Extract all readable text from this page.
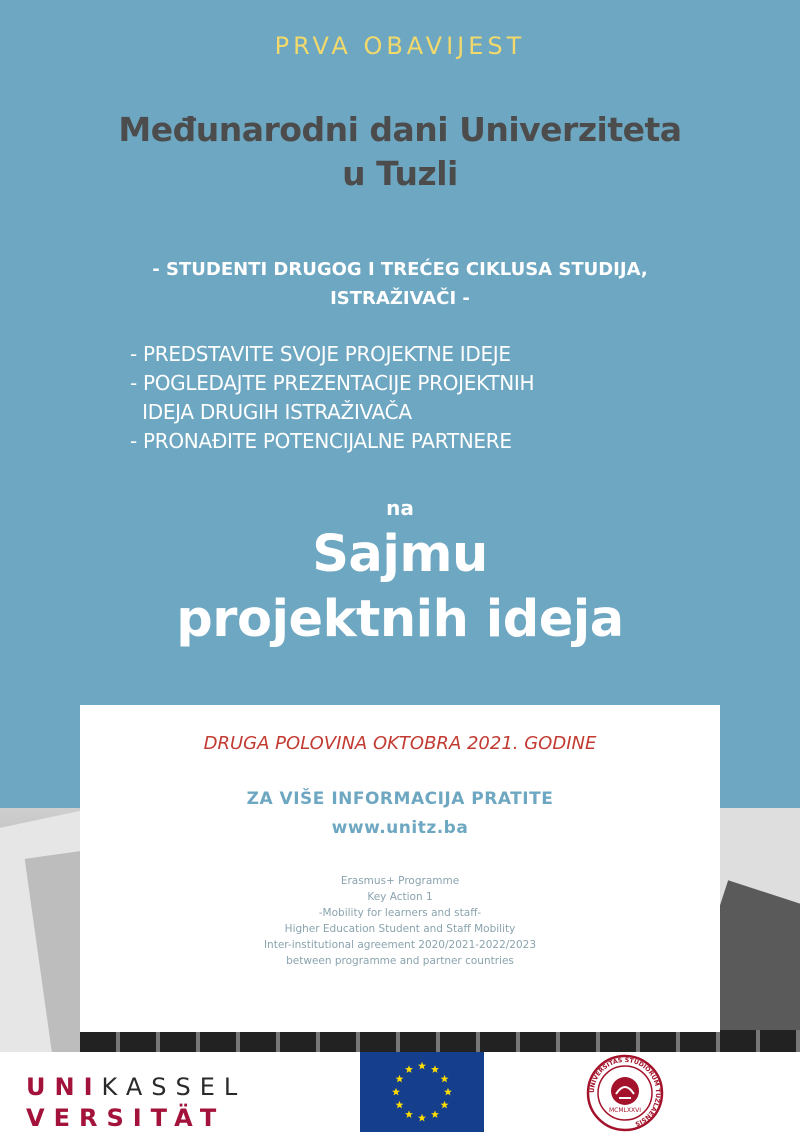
PRVA OBAVIJEST
Međunarodni dani Univerziteta
u Tuzli
- STUDENTI DRUGOG I TREĆEG CIKLUSA STUDIJA,
ISTRAŽIVAČI -
- PREDSTAVITE SVOJE PROJEKTNE IDEJE
- POGLEDAJTE PREZENTACIJE PROJEKTNIH
IDEJA DRUGIH ISTRAŽIVAČA
- PRONAĐITE POTENCIJALNE PARTNERE
na
Sajmu
projektnih ideja
DRUGA POLOVINA OKTOBRA 2021. GODINE
ZA VIŠE INFORMACIJA PRATITE
www.unitz.ba
Erasmus+ Programme
Key Action 1
-Mobility for learners and staff-
Higher Education Student and Staff Mobility
Inter-institutional agreement 2020/2021-2022/2023
between programme and partner countries
UNIKASSEL
VERSITÄT
UNIVERSITAS STUDIORUM TUZLAENSIS
MCMLXXVI
